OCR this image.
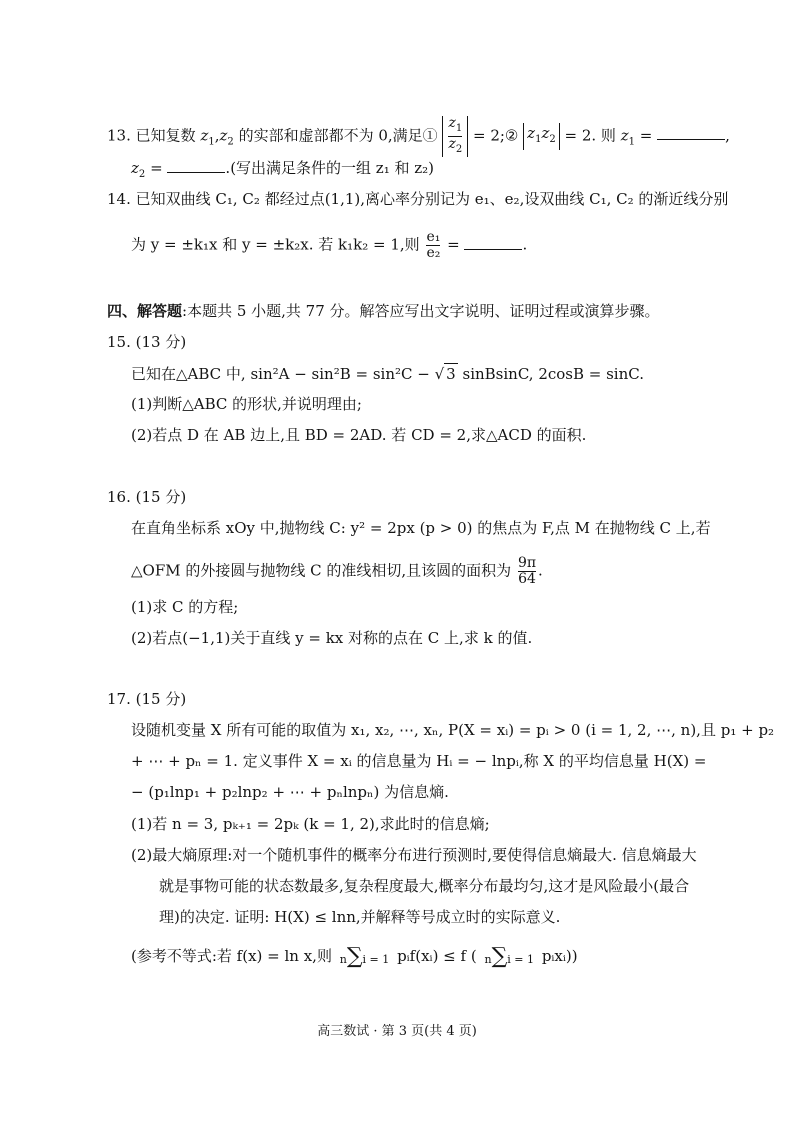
13. 已知复数 $z_1,z_2$ 的实部和虚部都不为 0,满足① $\frac{z_1}{z_2}$ = 2;② $z_1z_2 = 2$. 则 $z_1$ =	,
$z_2$ =	.(写出满足条件的一组 z₁ 和 z₂)
14. 已知双曲线 C₁, C₂ 都经过点(1,1),离心率分别记为 e₁、e₂,设双曲线 C₁, C₂ 的渐近线分别
为 y = ±k₁x 和 y = ±k₂x. 若 k₁k₂ = 1,则 $\frac{\text{e₁}}{\text{e₂}}$ =	.
四、解答题:本题共 5 小题,共 77 分。解答应写出文字说明、证明过程或演算步骤。
15. (13 分)
已知在△ABC 中, sin²A − sin²B = sin²C − √ 3 sinBsinC, 2cosB = sinC.
(1)判断△ABC 的形状,并说明理由;
(2)若点 D 在 AB 边上,且 BD = 2AD. 若 CD = 2,求△ACD 的面积.
16. (15 分)
在直角坐标系 xOy 中,抛物线 C: y² = 2px (p > 0) 的焦点为 F,点 M 在抛物线 C 上,若
△OFM 的外接圆与抛物线 C 的准线相切,且该圆的面积为 $\frac{9\pi}{64}$ .
(1)求 C 的方程;
(2)若点(−1,1)关于直线 y = kx 对称的点在 C 上,求 k 的值.
17. (15 分)
设随机变量 X 所有可能的取值为 x₁, x₂, ⋯, xₙ, P(X = xᵢ) = pᵢ > 0 (i = 1, 2, ⋯, n),且 p₁ + p₂
+ ⋯ + pₙ = 1. 定义事件 X = xᵢ 的信息量为 Hᵢ = − lnpᵢ,称 X 的平均信息量 H(X) =
− (p₁lnp₁ + p₂lnp₂ + ⋯ + pₙlnpₙ) 为信息熵.
(1)若 n = 3, pₖ₊₁ = 2pₖ (k = 1, 2),求此时的信息熵;
(2)最大熵原理:对一个随机事件的概率分布进行预测时,要使得信息熵最大. 信息熵最大
就是事物可能的状态数最多,复杂程度最大,概率分布最均匀,这才是风险最小(最合
理)的决定. 证明: H(X) ≤ lnn,并解释等号成立时的实际意义.
(参考不等式:若 f(x) = ln x,则 n∑i = 1 pᵢf(xᵢ) ≤ f ( n∑i = 1 pᵢxᵢ))
高三数试 · 第 3 页(共 4 页)
